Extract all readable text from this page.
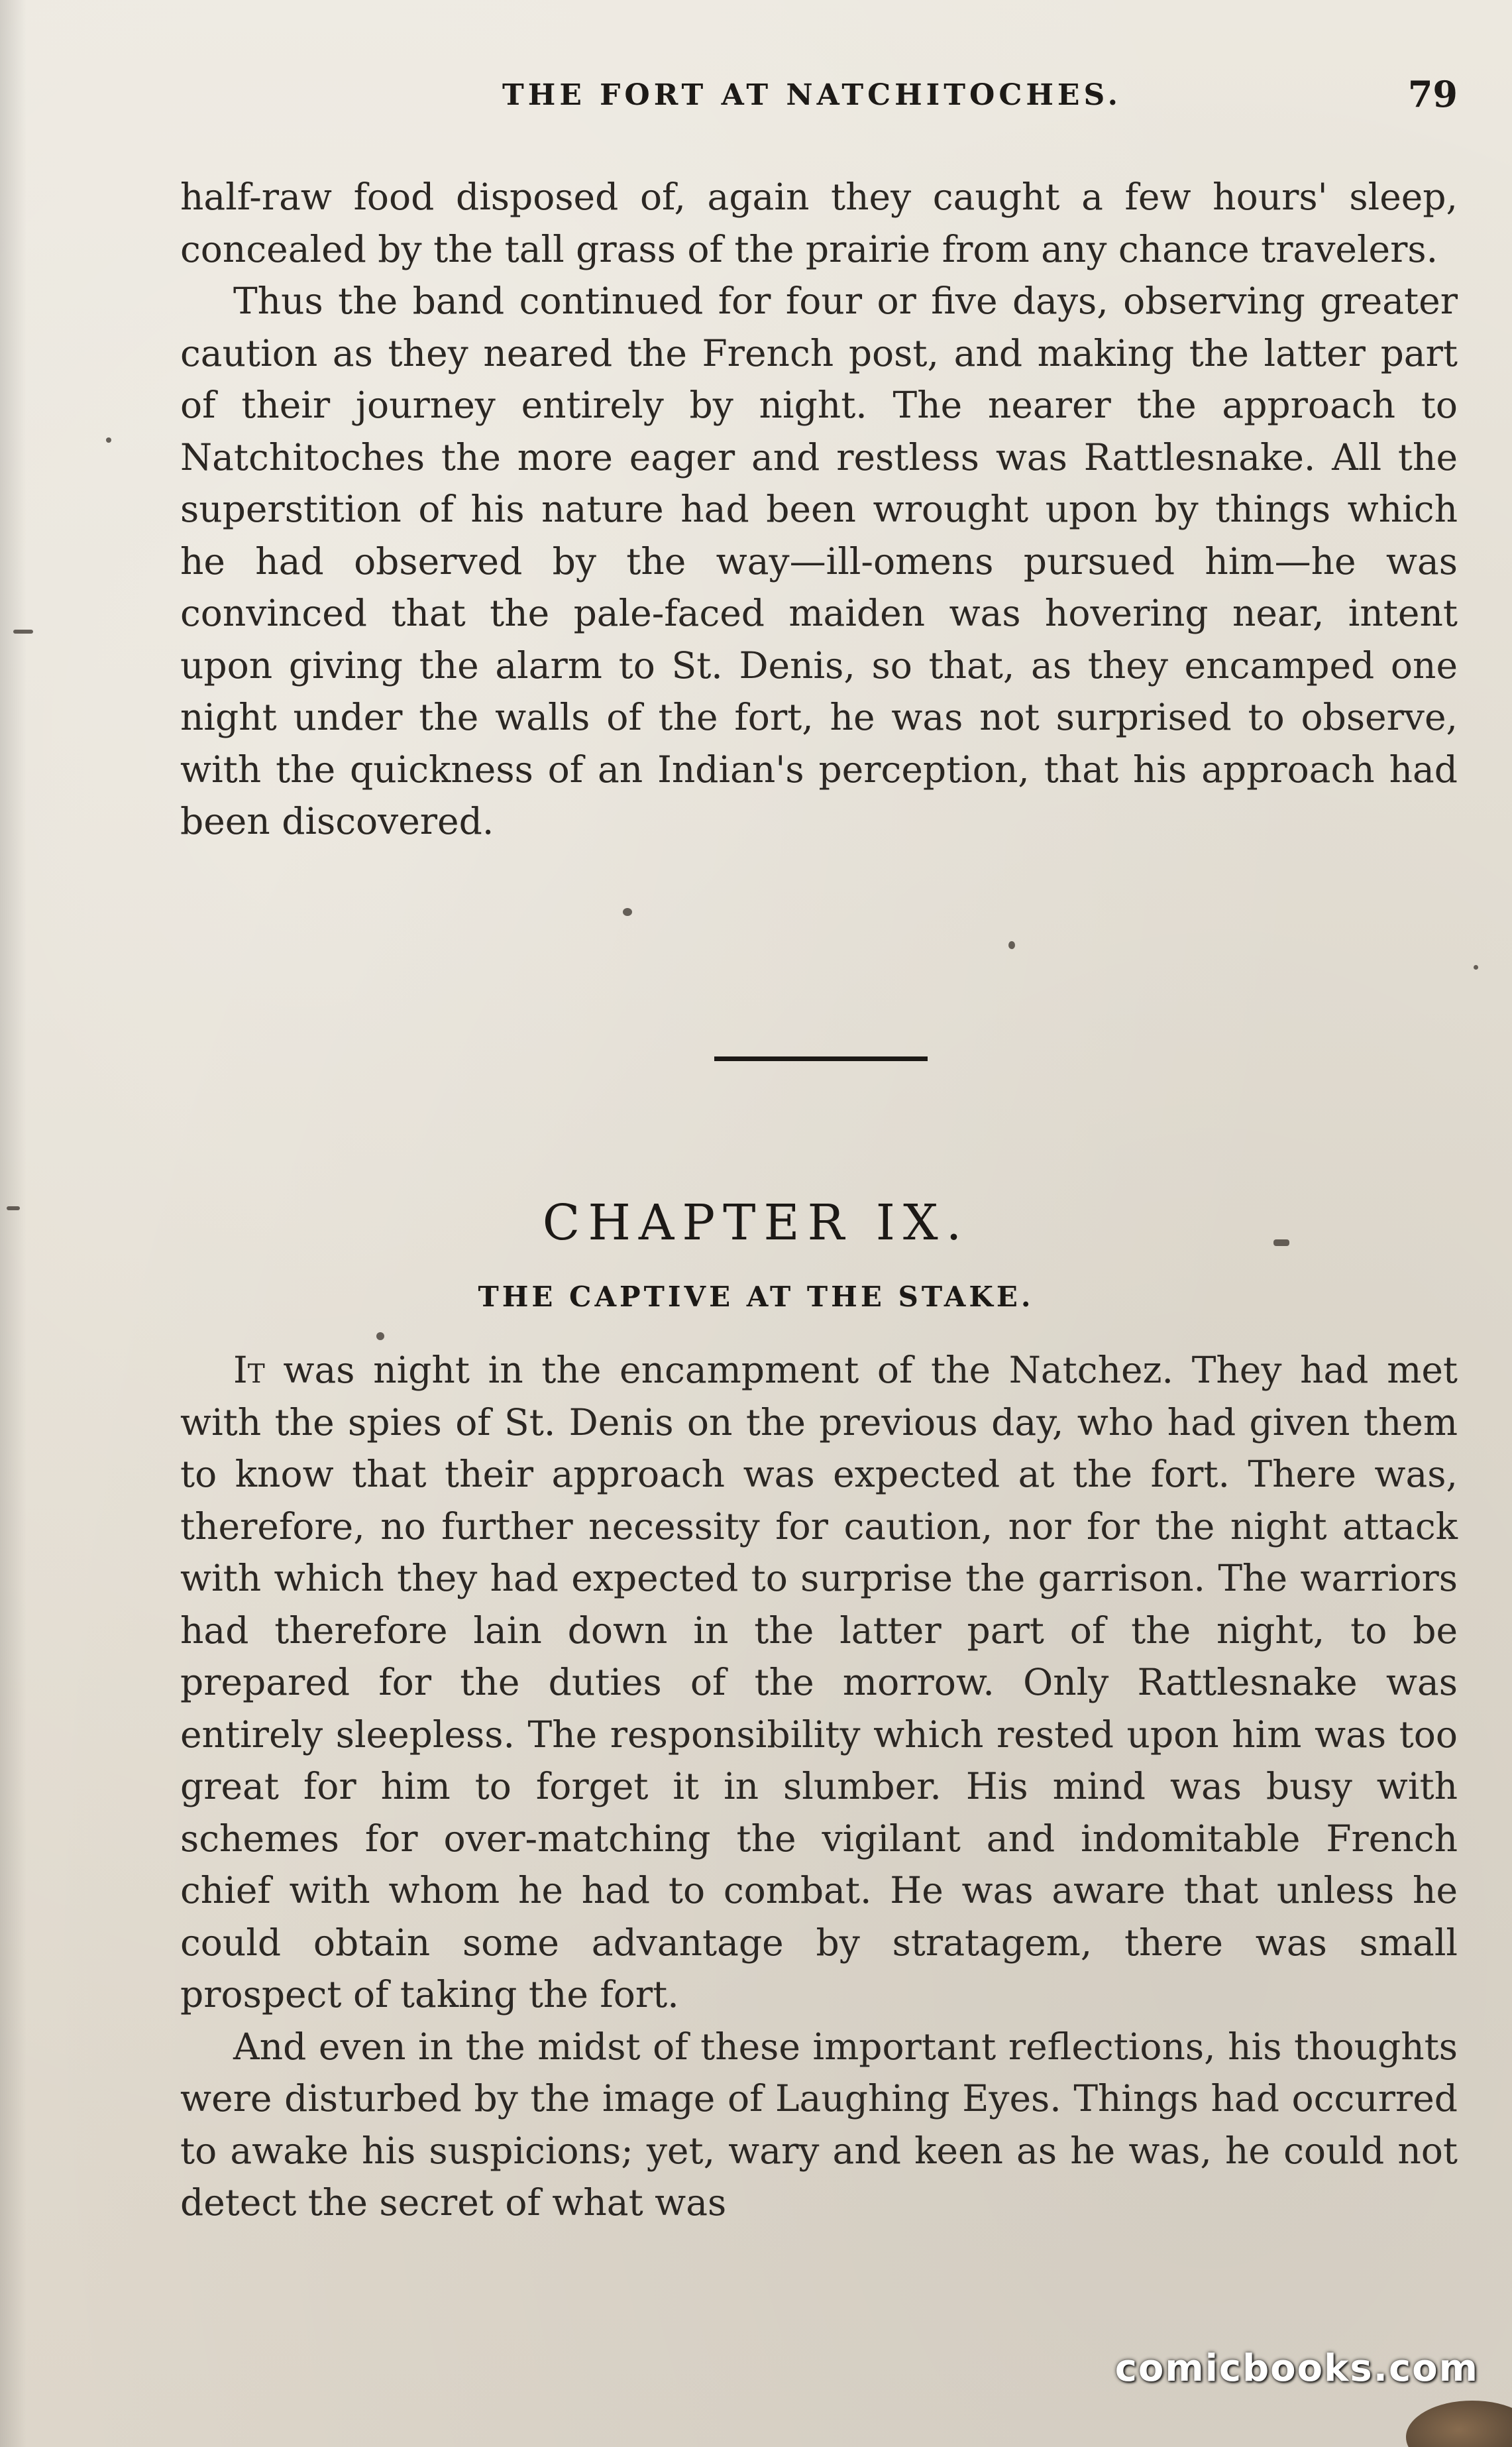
THE FORT AT NATCHITOCHES.	79

half-raw food disposed of, again they caught a few hours' sleep, concealed by the tall grass of the prairie from any chance travelers.

Thus the band continued for four or five days, observing greater caution as they neared the French post, and making the latter part of their journey entirely by night. The nearer the approach to Natchitoches the more eager and restless was Rattlesnake. All the superstition of his nature had been wrought upon by things which he had observed by the way—ill-omens pursued him—he was convinced that the pale-faced maiden was hovering near, intent upon giving the alarm to St. Denis, so that, as they encamped one night under the walls of the fort, he was not surprised to observe, with the quickness of an Indian's perception, that his approach had been discovered.

CHAPTER IX.
THE CAPTIVE AT THE STAKE.

It was night in the encampment of the Natchez. They had met with the spies of St. Denis on the previous day, who had given them to know that their approach was expected at the fort. There was, therefore, no further necessity for caution, nor for the night attack with which they had expected to surprise the garrison. The warriors had therefore lain down in the latter part of the night, to be prepared for the duties of the morrow. Only Rattlesnake was entirely sleepless. The responsibility which rested upon him was too great for him to forget it in slumber. His mind was busy with schemes for over-matching the vigilant and indomitable French chief with whom he had to combat. He was aware that unless he could obtain some advantage by stratagem, there was small prospect of taking the fort.

And even in the midst of these important reflections, his thoughts were disturbed by the image of Laughing Eyes. Things had occurred to awake his suspicions; yet, wary and keen as he was, he could not detect the secret of what was

comicbooks.com
